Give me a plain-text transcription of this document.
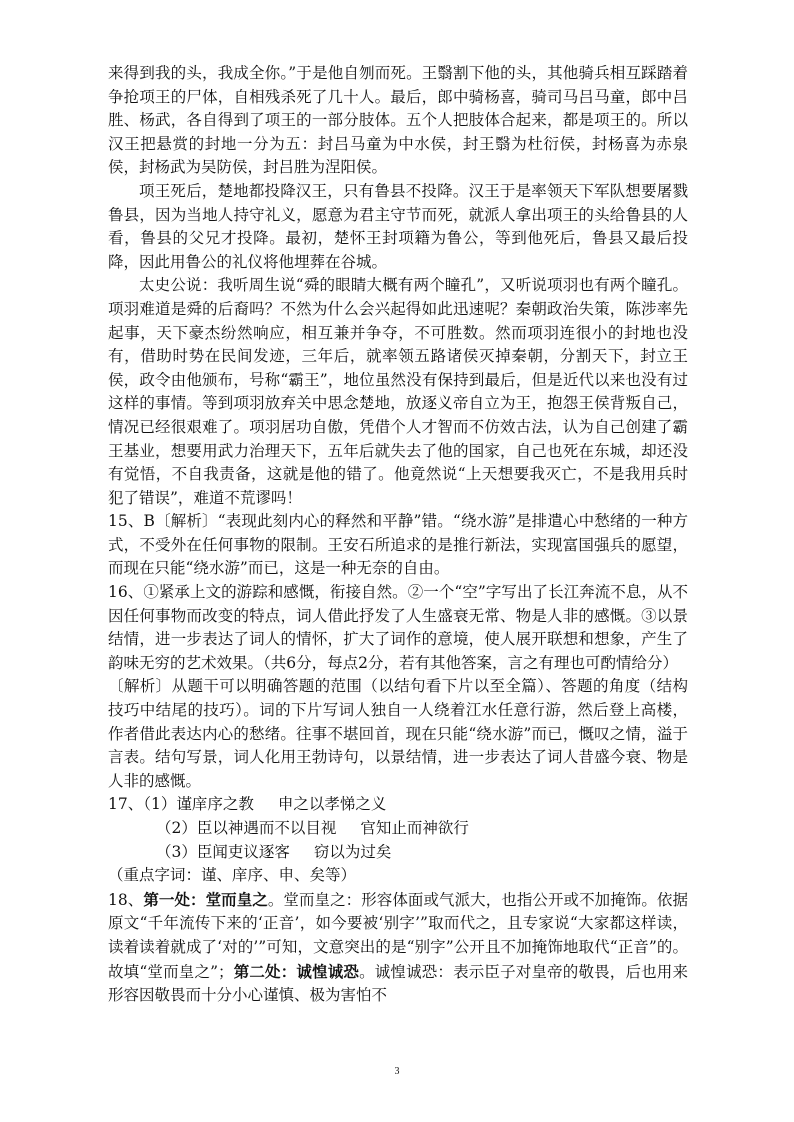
来得到我的头，我成全你。”于是他自刎而死。王翳割下他的头，其他骑兵相互踩踏着争抢项王的尸体，自相残杀死了几十人。最后，郎中骑杨喜，骑司马吕马童，郎中吕胜、杨武，各自得到了项王的一部分肢体。五个人把肢体合起来，都是项王的。所以汉王把悬赏的封地一分为五：封吕马童为中水侯，封王翳为杜衍侯，封杨喜为赤泉侯，封杨武为吴防侯，封吕胜为涅阳侯。

项王死后，楚地都投降汉王，只有鲁县不投降。汉王于是率领天下军队想要屠戮鲁县，因为当地人持守礼义，愿意为君主守节而死，就派人拿出项王的头给鲁县的人看，鲁县的父兄才投降。最初，楚怀王封项籍为鲁公，等到他死后，鲁县又最后投降，因此用鲁公的礼仪将他埋葬在谷城。

太史公说：我听周生说“舜的眼睛大概有两个瞳孔”，又听说项羽也有两个瞳孔。项羽难道是舜的后裔吗？不然为什么会兴起得如此迅速呢？秦朝政治失策，陈涉率先起事，天下豪杰纷然响应，相互兼并争夺，不可胜数。然而项羽连很小的封地也没有，借助时势在民间发迹，三年后，就率领五路诸侯灭掉秦朝，分割天下，封立王侯，政令由他颁布，号称“霸王”，地位虽然没有保持到最后，但是近代以来也没有过这样的事情。等到项羽放弃关中思念楚地，放逐义帝自立为王，抱怨王侯背叛自己，情况已经很艰难了。项羽居功自傲，凭借个人才智而不仿效古法，认为自己创建了霸王基业，想要用武力治理天下，五年后就失去了他的国家，自己也死在东城，却还没有觉悟，不自我责备，这就是他的错了。他竟然说“上天想要我灭亡，不是我用兵时犯了错误”，难道不荒谬吗！

15、B〔解析〕“表现此刻内心的释然和平静”错。“绕水游”是排遣心中愁绪的一种方式，不受外在任何事物的限制。王安石所追求的是推行新法，实现富国强兵的愿望，而现在只能“绕水游”而已，这是一种无奈的自由。

16、①紧承上文的游踪和感慨，衔接自然。②一个“空”字写出了长江奔流不息，从不因任何事物而改变的特点，词人借此抒发了人生盛衰无常、物是人非的感慨。③以景结情，进一步表达了词人的情怀，扩大了词作的意境，使人展开联想和想象，产生了韵味无穷的艺术效果。（共6分，每点2分，若有其他答案，言之有理也可酌情给分）

〔解析〕从题干可以明确答题的范围（以结句看下片以至全篇）、答题的角度（结构技巧中结尾的技巧）。词的下片写词人独自一人绕着江水任意行游，然后登上高楼，作者借此表达内心的愁绪。往事不堪回首，现在只能“绕水游”而已，慨叹之情，溢于言表。结句写景，词人化用王勃诗句，以景结情，进一步表达了词人昔盛今衰、物是人非的感慨。

17、（1）谨庠序之教 申之以孝悌之义

（2）臣以神遇而不以目视 官知止而神欲行

（3）臣闻吏议逐客 窃以为过矣

（重点字词：谨、庠序、申、矣等）

18、第一处：堂而皇之。堂而皇之：形容体面或气派大，也指公开或不加掩饰。依据原文“千年流传下来的‘正音’，如今要被‘别字’”取而代之，且专家说“大家都这样读，读着读着就成了‘对的’”可知，文意突出的是“别字”公开且不加掩饰地取代“正音”的。故填“堂而皇之”；第二处：诚惶诚恐。诚惶诚恐：表示臣子对皇帝的敬畏，后也用来形容因敬畏而十分小心谨慎、极为害怕不

3
